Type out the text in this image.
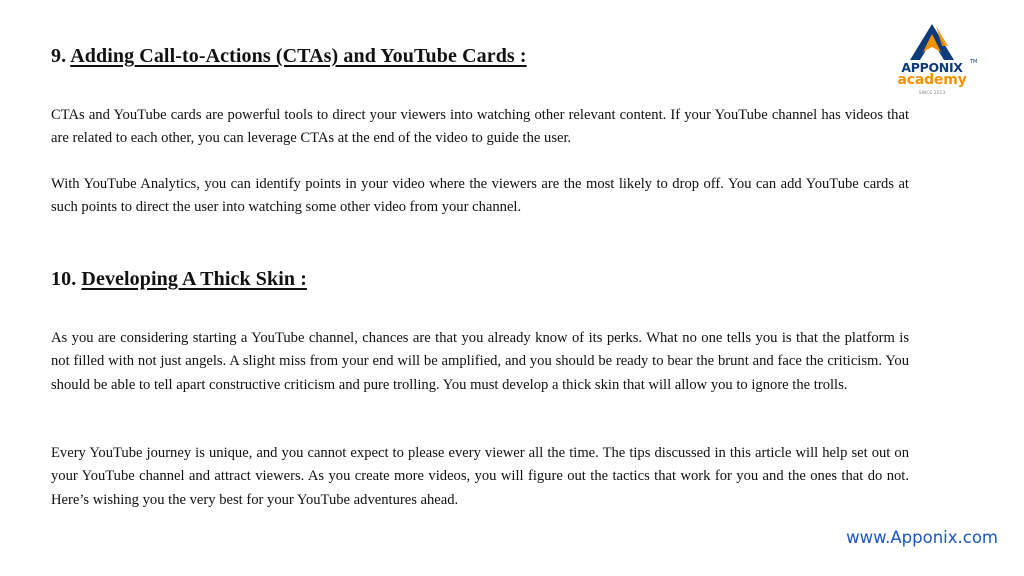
9. Adding Call-to-Actions (CTAs) and YouTube Cards :

CTAs and YouTube cards are powerful tools to direct your viewers into watching other relevant content. If your YouTube channel has videos that are related to each other, you can leverage CTAs at the end of the video to guide the user.

With YouTube Analytics, you can identify points in your video where the viewers are the most likely to drop off. You can add YouTube cards at such points to direct the user into watching some other video from your channel.

10. Developing A Thick Skin :

As you are considering starting a YouTube channel, chances are that you already know of its perks. What no one tells you is that the platform is not filled with not just angels. A slight miss from your end will be amplified, and you should be ready to bear the brunt and face the criticism. You should be able to tell apart constructive criticism and pure trolling. You must develop a thick skin that will allow you to ignore the trolls.

Every YouTube journey is unique, and you cannot expect to please every viewer all the time. The tips discussed in this article will help set out on your YouTube channel and attract viewers. As you create more videos, you will figure out the tactics that work for you and the ones that do not. Here’s wishing you the very best for your YouTube adventures ahead.

APPONIX	TM
academy
SINCE 2013
www.Apponix.com
